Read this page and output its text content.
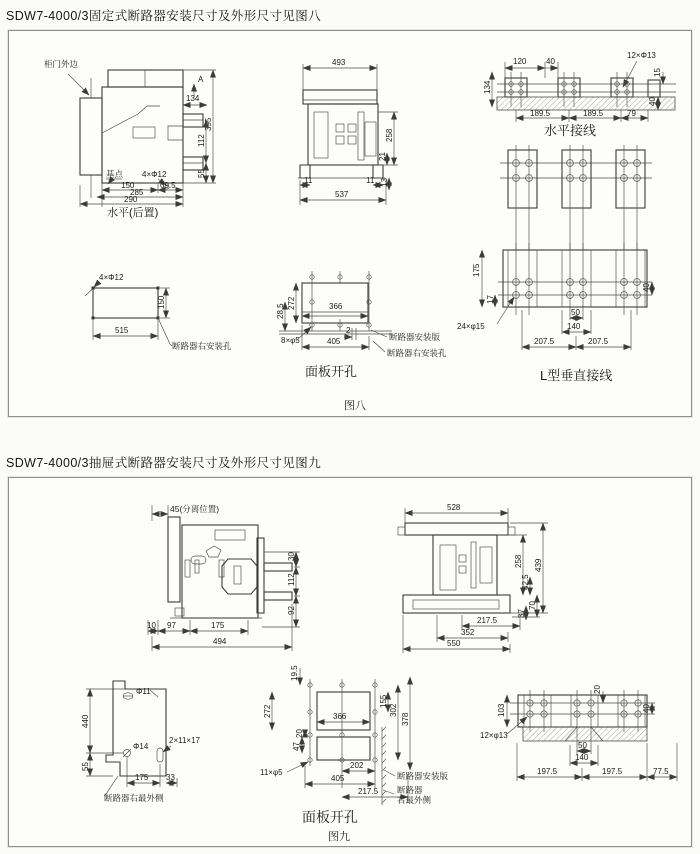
SDW7-4000/3固定式断路器安装尺寸及外形尺寸见图八
SDW7-4000/3抽屉式断路器安装尺寸及外形尺寸见图九
柜门外边
A
134
395
112
55
基点 4×Φ12
150	69.5
285
290
水平(后置)
493
11	11
537
258
21
13
120 40
12×Φ13
15
134
40
189.5	189.5	79
水平接线
175
17
24×φ15
40
50
140
207.5	207.5
L型垂直接线
4×Φ12
150
515
断路器右安装孔
366
272
28.5
8×φ5
2
405	断路器安装版
断路器右安装孔
面板开孔
图八
45(分离位置)
30
112
92
10 97	175
494
528
439
258
42.5
70
37
217.5
352
550
Φ11
Φ14
2×11×17
440
55
175 33
断路器右最外侧
366
19.5
272
20
47
155
302
378
11×φ5
202
405
217.5
断路器安装版
断路器
右最外侧
面板开孔
图九
20
103	40
12×φ13
50
140
197.5	197.5	77.5
